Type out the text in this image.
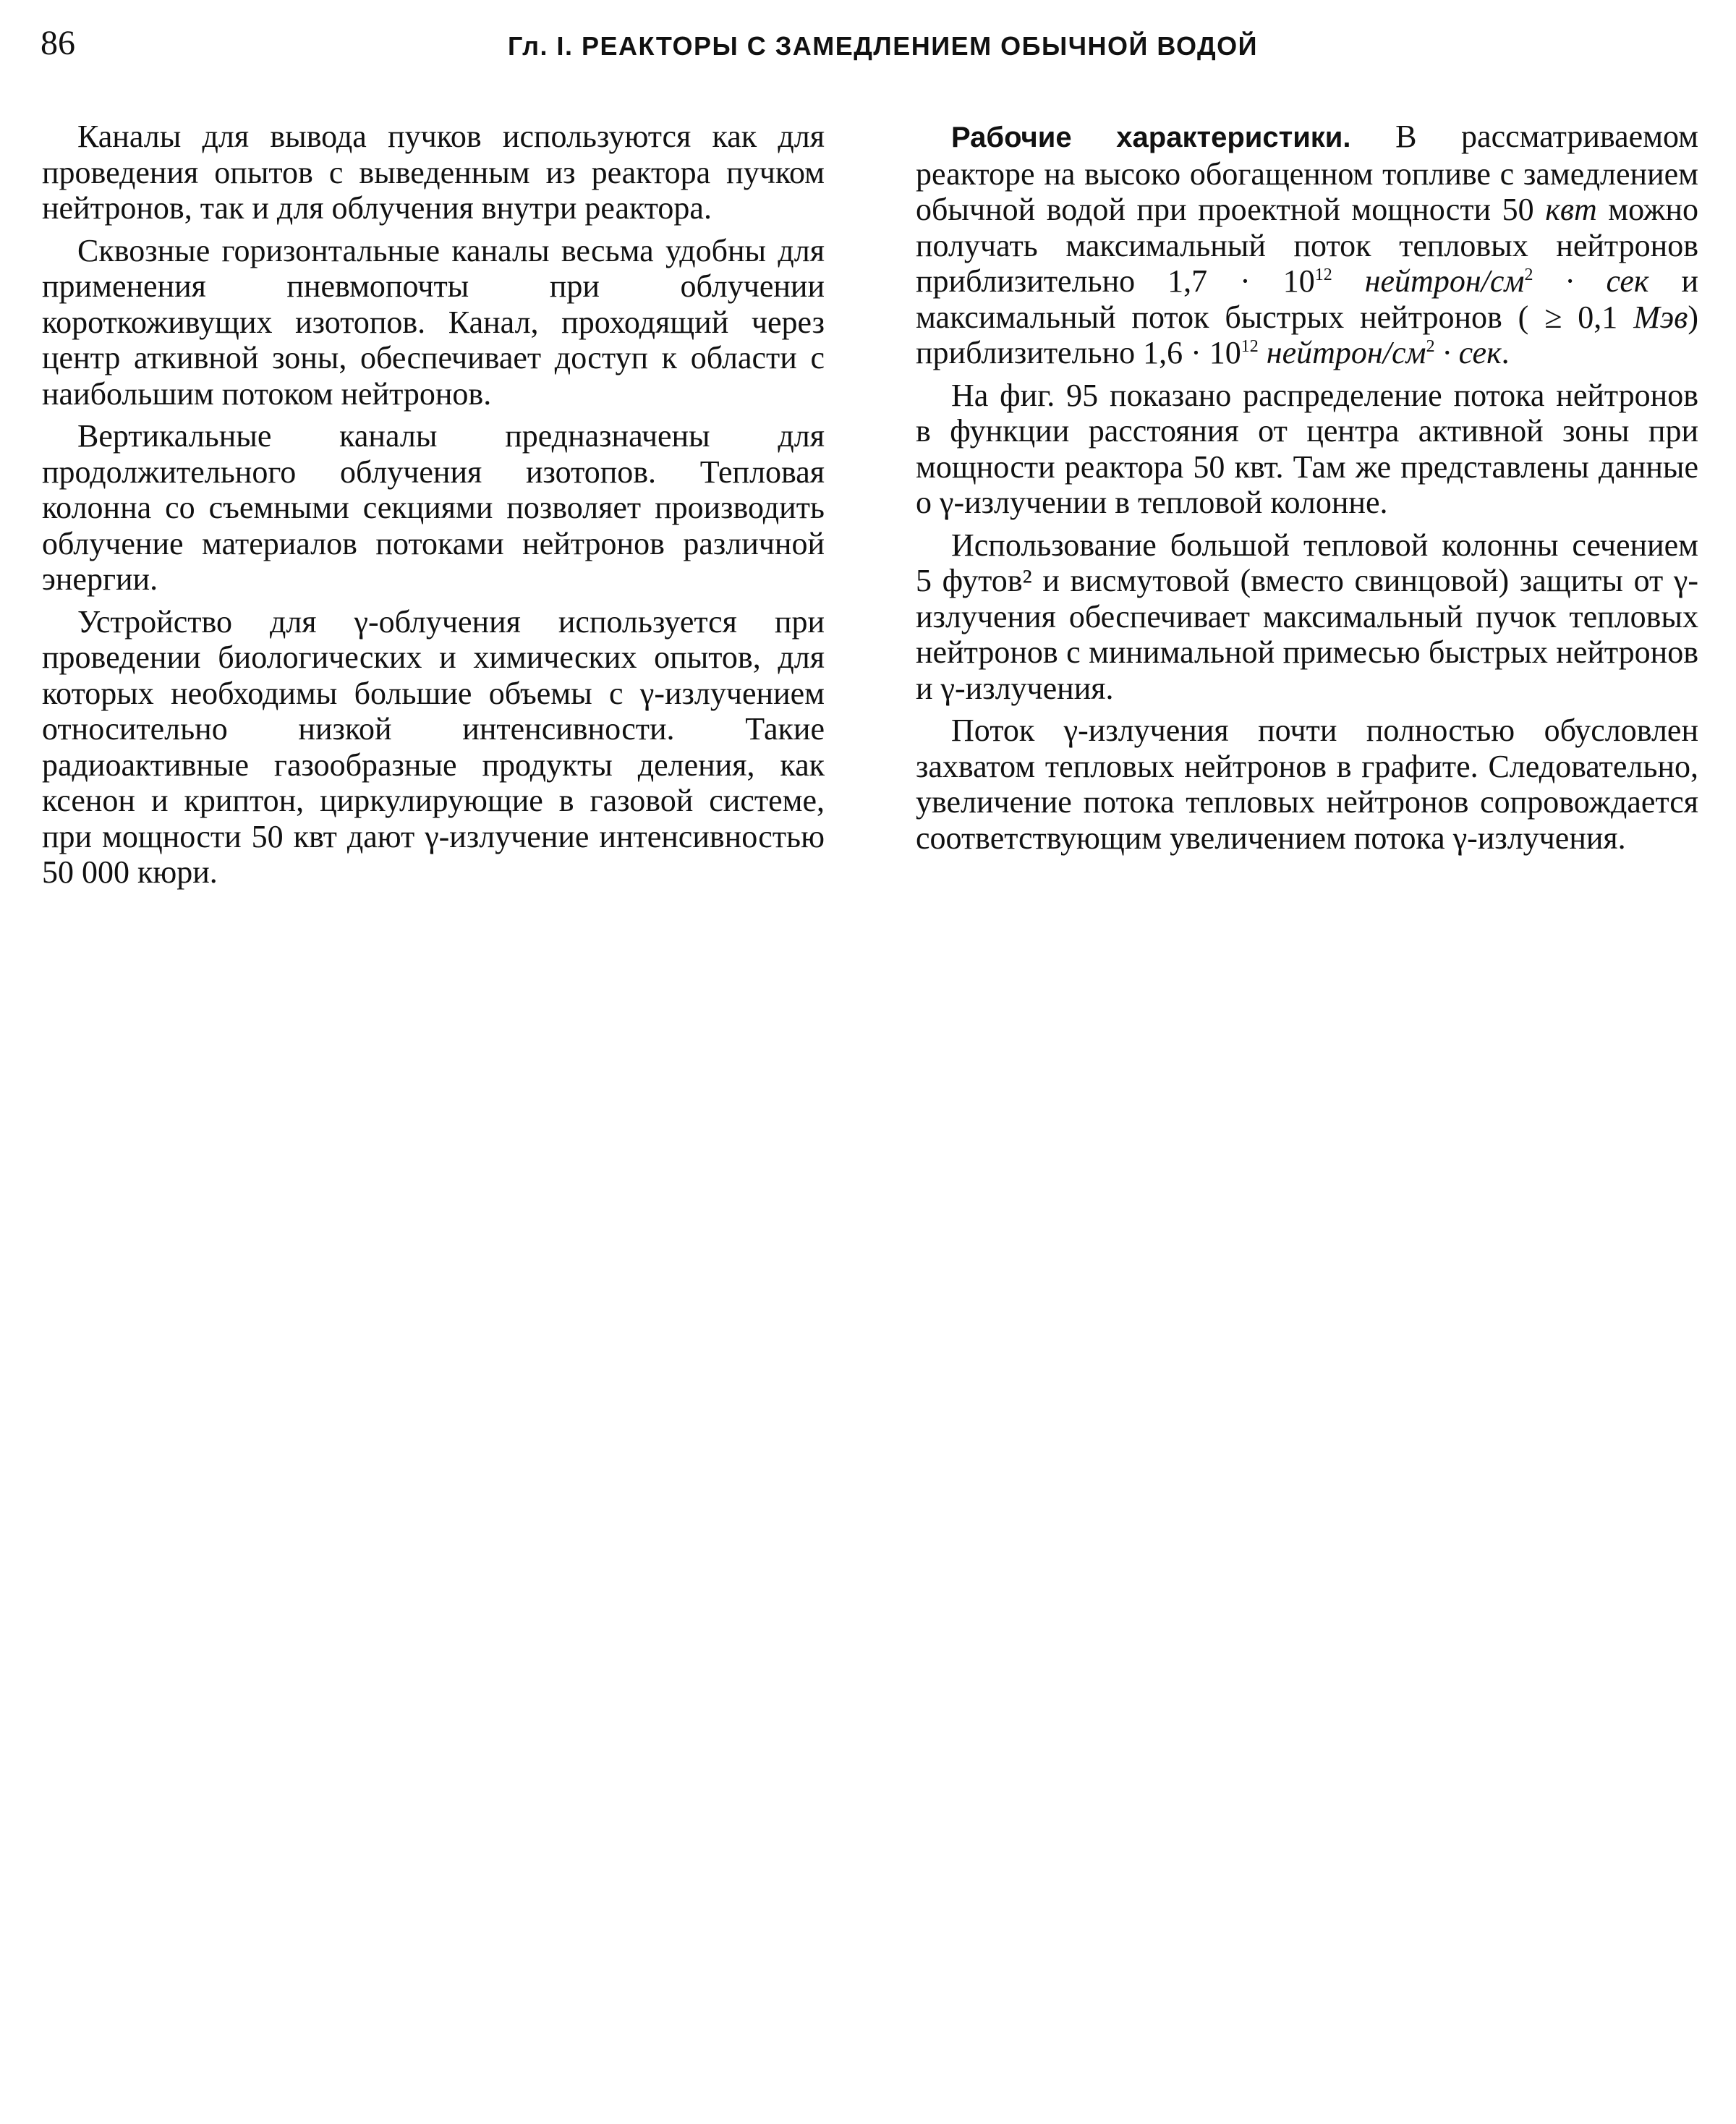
86	Гл. I. РЕАКТОРЫ С ЗАМЕДЛЕНИЕМ ОБЫЧНОЙ ВОДОЙ

Каналы для вывода пучков используются как для проведения опытов с выведенным из реактора пучком нейтронов, так и для облучения внутри реактора.

Сквозные горизонтальные каналы весьма удобны для применения пневмопочты при облучении короткоживущих изотопов. Канал, проходящий через центр аткивной зоны, обеспечивает доступ к области с наибольшим потоком нейтронов.

Вертикальные каналы предназначены для продолжительного облучения изотопов. Тепловая колонна со съемными секциями позволяет производить облучение материалов потоками нейтронов различной энергии.

Устройство для γ-облучения используется при проведении биологических и химических опытов, для которых необходимы большие объемы с γ-излучением относительно низкой интенсивности. Такие радиоактивные газообразные продукты деления, как ксенон и криптон, циркулирующие в газовой системе, при мощности 50 квт дают γ-излучение интенсивностью 50 000 кюри.

Рабочие характеристики. В рассматриваемом реакторе на высоко обогащенном топливе с замедлением обычной водой при проектной мощности 50 квт можно получать максимальный поток тепловых нейтронов приблизительно $1,7 \cdot 10^{12}$ нейтрон/$см^2$ · сек и максимальный поток быстрых нейтронов ( ≥ 0,1 Мэв) приблизительно $1,6 \cdot 10^{12}$ нейтрон/$см^2$ · сек.

На фиг. 95 показано распределение потока нейтронов в функции расстояния от центра активной зоны при мощности реактора 50 квт. Там же представлены данные о γ-излучении в тепловой колонне.

Использование большой тепловой колонны сечением 5 футов² и висмутовой (вместо свинцовой) защиты от γ-излучения обеспечивает максимальный пучок тепловых нейтронов с минимальной примесью быстрых нейтронов и γ-излучения.

Поток γ-излучения почти полностью обусловлен захватом тепловых нейтронов в графите. Следовательно, увеличение потока тепловых нейтронов сопровождается соответствующим увеличением потока γ-излучения.
